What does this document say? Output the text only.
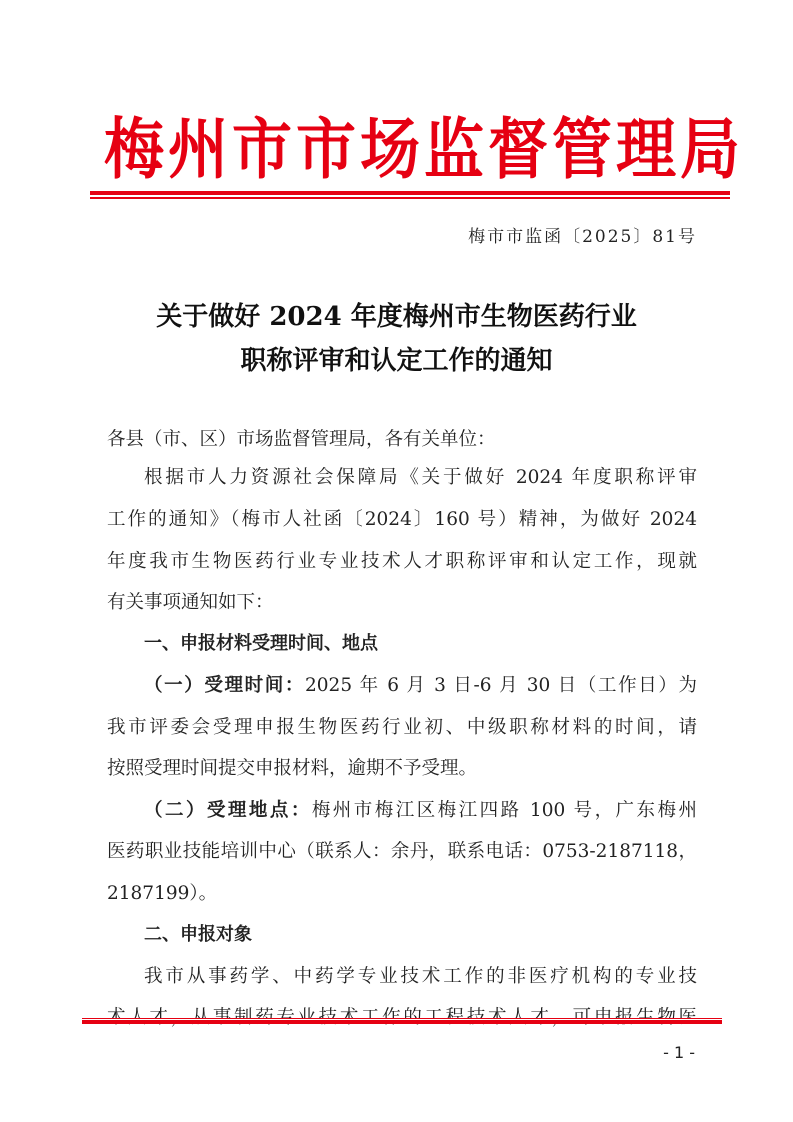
梅 州 市 市 场 监 督 管 理 局
梅市市监函〔2025〕81号
关于做好 2024 年度梅州市生物医药行业
职称评审和认定工作的通知
各县（市、区）市场监督管理局，各有关单位：
根据市人力资源社会保障局《关于做好 2024 年度职称评审
工作的通知》（梅市人社函〔2024〕160 号）精神，为做好 2024
年度我市生物医药行业专业技术人才职称评审和认定工作，现就
有关事项通知如下：
一、申报材料受理时间、地点
（一）受理时间：2025 年 6 月 3 日-6 月 30 日（工作日）为
我市评委会受理申报生物医药行业初、中级职称材料的时间，请
按照受理时间提交申报材料，逾期不予受理。
（二）受理地点：梅州市梅江区梅江四路 100 号，广东梅州
医药职业技能培训中心（联系人：余丹，联系电话：0753-2187118，
2187199）。
二、申报对象
我市从事药学、中药学专业技术工作的非医疗机构的专业技
- 1 -
